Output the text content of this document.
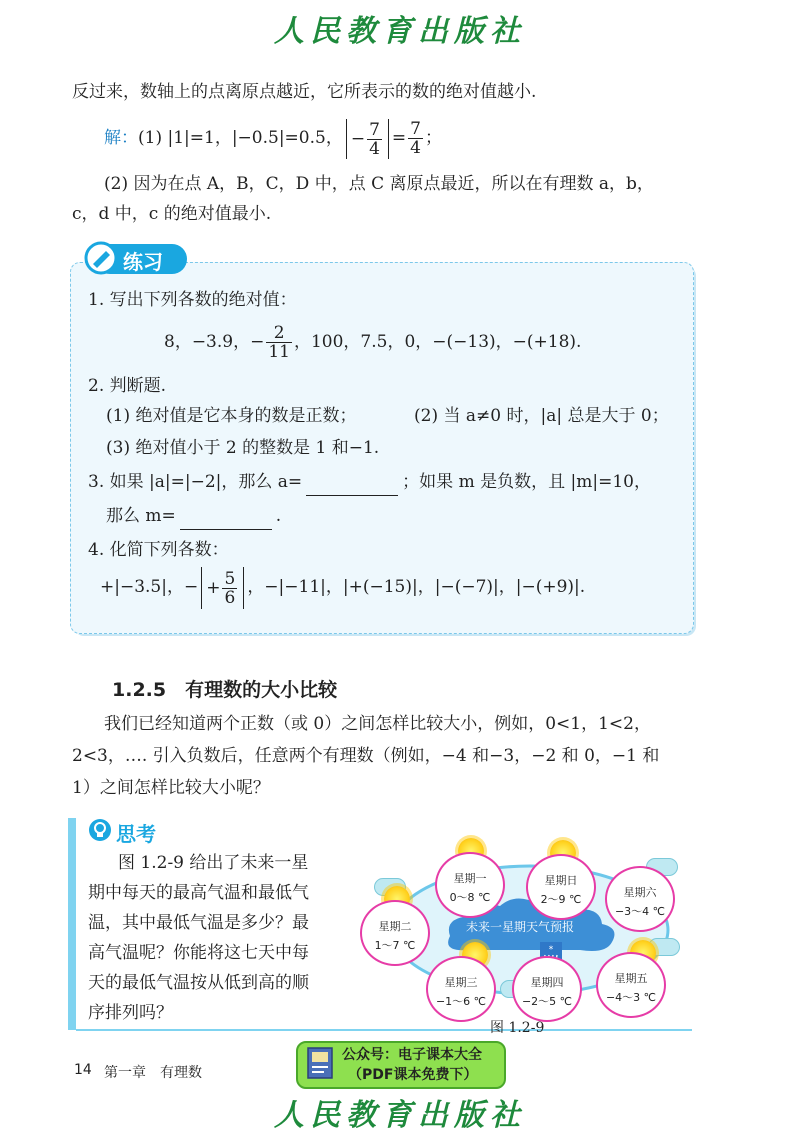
人民教育出版社
反过来，数轴上的点离原点越近，它所表示的数的绝对值越小.
解：(1) |1|=1，|−0.5|=0.5， − $\frac{7}{4} = \frac{7}{4}$ ；
(2) 因为在点 A，B，C，D 中，点 C 离原点最近，所以在有理数 a，b，
c，d 中，c 的绝对值最小.
练习
1. 写出下列各数的绝对值：
8，−3.9，− $\frac{2}{11}$ ，100，7.5，0，−(−13)，−(+18).
2. 判断题.
(1) 绝对值是它本身的数是正数；	(2) 当 a≠0 时，|a| 总是大于 0；
(3) 绝对值小于 2 的整数是 1 和−1.
3. 如果 |a|=|−2|，那么 a=	；如果 m 是负数，且 |m|=10，
那么 m=	.
4. 化简下列各数：
+|−3.5|，− + $\frac{5}{6}$ ，−|−11|，|+(−15)|，|−(−7)|，|−(+9)|.
1.2.5　 有理数的大小比较
我们已经知道两个正数（或 0）之间怎样比较大小，例如，0<1，1<2，
2<3，…. 引入负数后，任意两个有理数（例如，−4 和−3，−2 和 0，−1 和
1）之间怎样比较大小呢？
思考
图 1.2-9 给出了未来一星
期中每天的最高气温和最低气
温，其中最低气温是多少？最
高气温呢？你能将这七天中每
天的最低气温按从低到高的顺
序排列吗？
未来一星期天气预报
*
星期一
0～8 ℃
星期日
2～9 ℃
星期六
−3～4 ℃
星期二
1～7 ℃
星期三
−1～6 ℃
星期四
−2～5 ℃
星期五
−4～3 ℃
图 1.2-9
14 第一章　有理数
公众号：电子课本大全
（PDF课本免费下）
人民教育出版社
